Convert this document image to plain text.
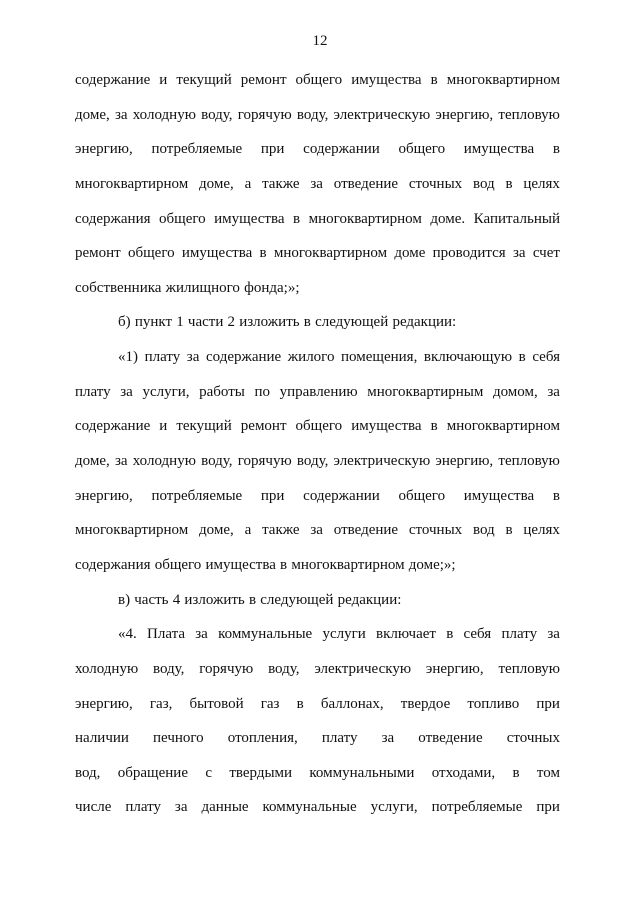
12
содержание и текущий ремонт общего имущества в многоквартирном
доме, за холодную воду, горячую воду, электрическую энергию, тепловую
энергию, потребляемые при содержании общего имущества в
многоквартирном доме, а также за отведение сточных вод в целях
содержания общего имущества в многоквартирном доме. Капитальный
ремонт общего имущества в многоквартирном доме проводится за счет
собственника жилищного фонда;»;
б) пункт 1 части 2 изложить в следующей редакции:
«1) плату за содержание жилого помещения, включающую в себя
плату за услуги, работы по управлению многоквартирным домом, за
содержание и текущий ремонт общего имущества в многоквартирном
доме, за холодную воду, горячую воду, электрическую энергию, тепловую
энергию, потребляемые при содержании общего имущества в
многоквартирном доме, а также за отведение сточных вод в целях
содержания общего имущества в многоквартирном доме;»;
в) часть 4 изложить в следующей редакции:
«4. Плата за коммунальные услуги включает в себя плату за
холодную воду, горячую воду, электрическую энергию, тепловую
энергию, газ, бытовой газ в баллонах, твердое топливо при
наличии печного отопления, плату за отведение сточных
вод, обращение с твердыми коммунальными отходами, в том
числе плату за данные коммунальные услуги, потребляемые при
